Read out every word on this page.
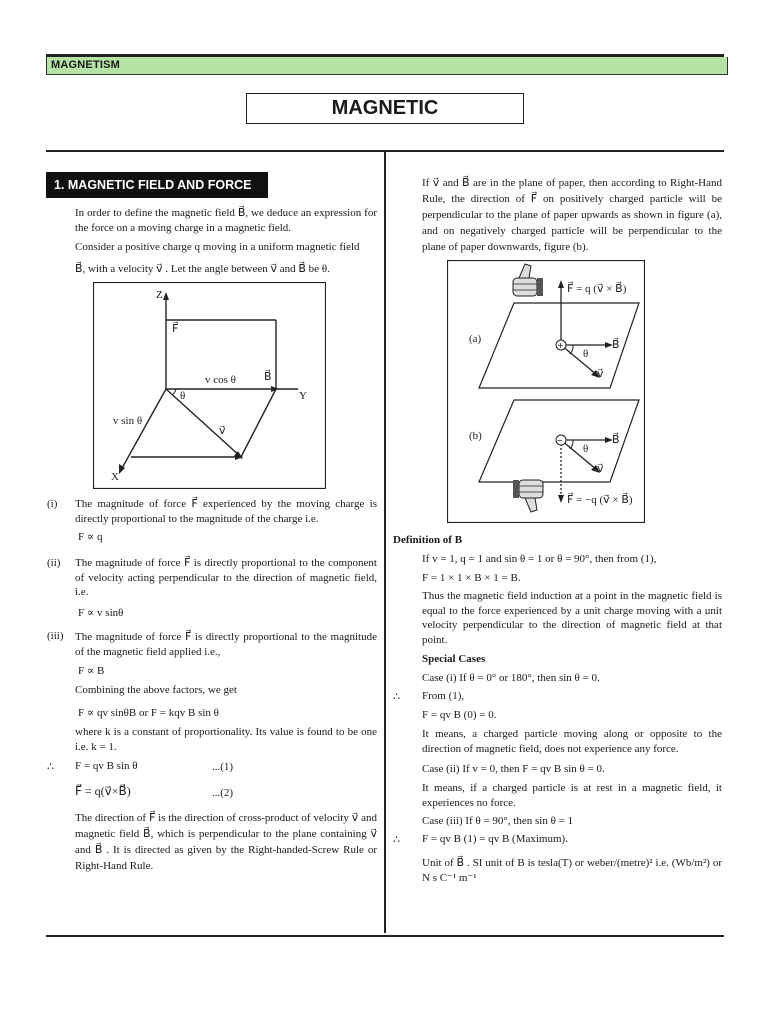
MAGNETISM
MAGNETIC
1. MAGNETIC FIELD AND FORCE
In order to define the magnetic field B⃗, we deduce an expression for the force on a moving charge in a magnetic field.
Consider a positive charge q moving in a uniform magnetic field
B⃗, with a velocity v⃗ . Let the angle between v⃗ and B⃗ be θ.
Z
F⃗
Y
X
θ
v cos θ	B⃗
v sin θ
v⃗
(i) The magnitude of force F⃗ experienced by the moving charge is directly proportional to the magnitude of the charge i.e.
F ∝ q
(ii) The magnitude of force F⃗ is directly proportional to the component of velocity acting perpendicular to the direction of magnetic field, i.e.
F ∝ v sinθ
(iii) The magnitude of force F⃗ is directly proportional to the magnitude of the magnetic field applied i.e.,
F ∝ B
Combining the above factors, we get
F ∝ qv sinθB or F = kqv B sin θ
where k is a constant of proportionality. Its value is found to be one i.e. k = 1.
∴ F = qv B sin θ	...(1)
F⃗ = q(v⃗×B⃗)	...(2)
The direction of F⃗ is the direction of cross-product of velocity v⃗ and magnetic field B⃗, which is perpendicular to the plane containing v⃗ and B⃗ . It is directed as given by the Right-handed-Screw Rule or Right-Hand Rule.
If v⃗ and B⃗ are in the plane of paper, then according to Right-Hand Rule, the direction of F⃗ on positively charged particle will be perpendicular to the plane of paper upwards as shown in figure (a), and on negatively charged particle will be perpendicular to the plane of paper downwards, figure (b).
+
−
(a)
(b)
F⃗ = q (v⃗ × B⃗)
F⃗ = −q (v⃗ × B⃗)
B⃗
B⃗
v⃗
v⃗
θ
θ
Definition of B⃗
If v = 1, q = 1 and sin θ = 1 or θ = 90°, then from (1),
F = 1 × 1 × B × 1 = B.
Thus the magnetic field induction at a point in the magnetic field is equal to the force experienced by a unit charge moving with a unit velocity perpendicular to the direction of magnetic field at that point.
Special Cases
Case (i) If θ = 0° or 180°, then sin θ = 0.
∴ From (1),
F = qv B (0) = 0.
It means, a charged particle moving along or opposite to the direction of magnetic field, does not experience any force.
Case (ii) If v = 0, then F = qv B sin θ = 0.
It means, if a charged particle is at rest in a magnetic field, it experiences no force.
Case (iii) If θ = 90°, then sin θ = 1
∴ F = qv B (1) = qv B (Maximum).
Unit of B⃗ . SI unit of B is tesla(T) or weber/(metre)² i.e. (Wb/m²) or N s C⁻¹ m⁻¹
